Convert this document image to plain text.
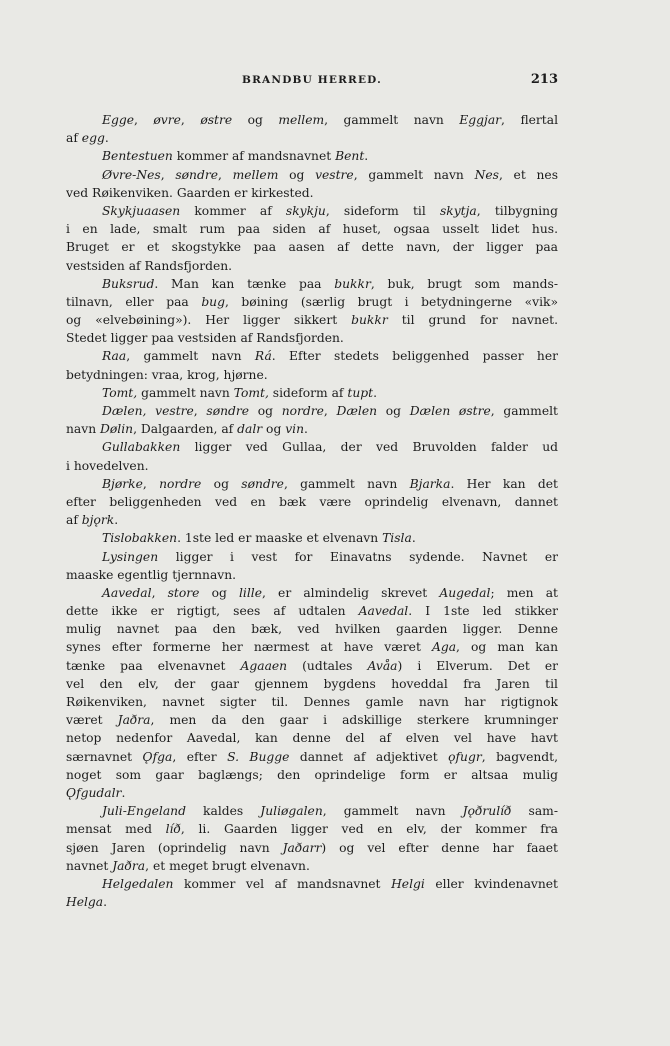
BRANDBU HERRED.	213
Egge, øvre, østre og mellem, gammelt navn Eggjar, flertal
af egg.
Bentestuen kommer af mandsnavnet Bent.
Øvre-Nes, søndre, mellem og vestre, gammelt navn Nes, et nes
ved Røikenviken. Gaarden er kirkested.
Skykjuaasen kommer af skykju, sideform til skytja, tilbygning
i en lade, smalt rum paa siden af huset, ogsaa usselt lidet hus.
Bruget er et skogstykke paa aasen af dette navn, der ligger paa
vestsiden af Randsfjorden.
Buksrud. Man kan tænke paa bukkr, buk, brugt som mands-
tilnavn, eller paa bug, bøining (særlig brugt i betydningerne «vik»
og «elvebøining»). Her ligger sikkert bukkr til grund for navnet.
Stedet ligger paa vestsiden af Randsfjorden.
Raa, gammelt navn Rá. Efter stedets beliggenhed passer her
betydningen: vraa, krog, hjørne.
Tomt, gammelt navn Tomt, sideform af tupt.
Dælen, vestre, søndre og nordre, Dælen og Dælen østre, gammelt
navn Dølin, Dalgaarden, af dalr og vin.
Gullabakken ligger ved Gullaa, der ved Bruvolden falder ud
i hovedelven.
Bjørke, nordre og søndre, gammelt navn Bjarka. Her kan det
efter beliggenheden ved en bæk være oprindelig elvenavn, dannet
af bjǫrk.
Tislobakken. 1ste led er maaske et elvenavn Tisla.
Lysingen ligger i vest for Einavatns sydende. Navnet er
maaske egentlig tjernnavn.
Aavedal, store og lille, er almindelig skrevet Augedal; men at
dette ikke er rigtigt, sees af udtalen Aavedal. I 1ste led stikker
mulig navnet paa den bæk, ved hvilken gaarden ligger. Denne
synes efter formerne her nærmest at have været Aga, og man kan
tænke paa elvenavnet Agaaen (udtales Avåa) i Elverum. Det er
vel den elv, der gaar gjennem bygdens hoveddal fra Jaren til
Røikenviken, navnet sigter til. Dennes gamle navn har rigtignok
været Jaðra, men da den gaar i adskillige sterkere krumninger
netop nedenfor Aavedal, kan denne del af elven vel have havt
særnavnet Ǫfga, efter S. Bugge dannet af adjektivet ǫfugr, bagvendt,
noget som gaar baglængs; den oprindelige form er altsaa mulig
Ǫfgudalr.
Juli-Engeland kaldes Juliøgalen, gammelt navn Jǫðrulíð sam-
mensat med líð, li. Gaarden ligger ved en elv, der kommer fra
sjøen Jaren (oprindelig navn Jaðarr) og vel efter denne har faaet
navnet Jaðra, et meget brugt elvenavn.
Helgedalen kommer vel af mandsnavnet Helgi eller kvindenavnet
Helga.
